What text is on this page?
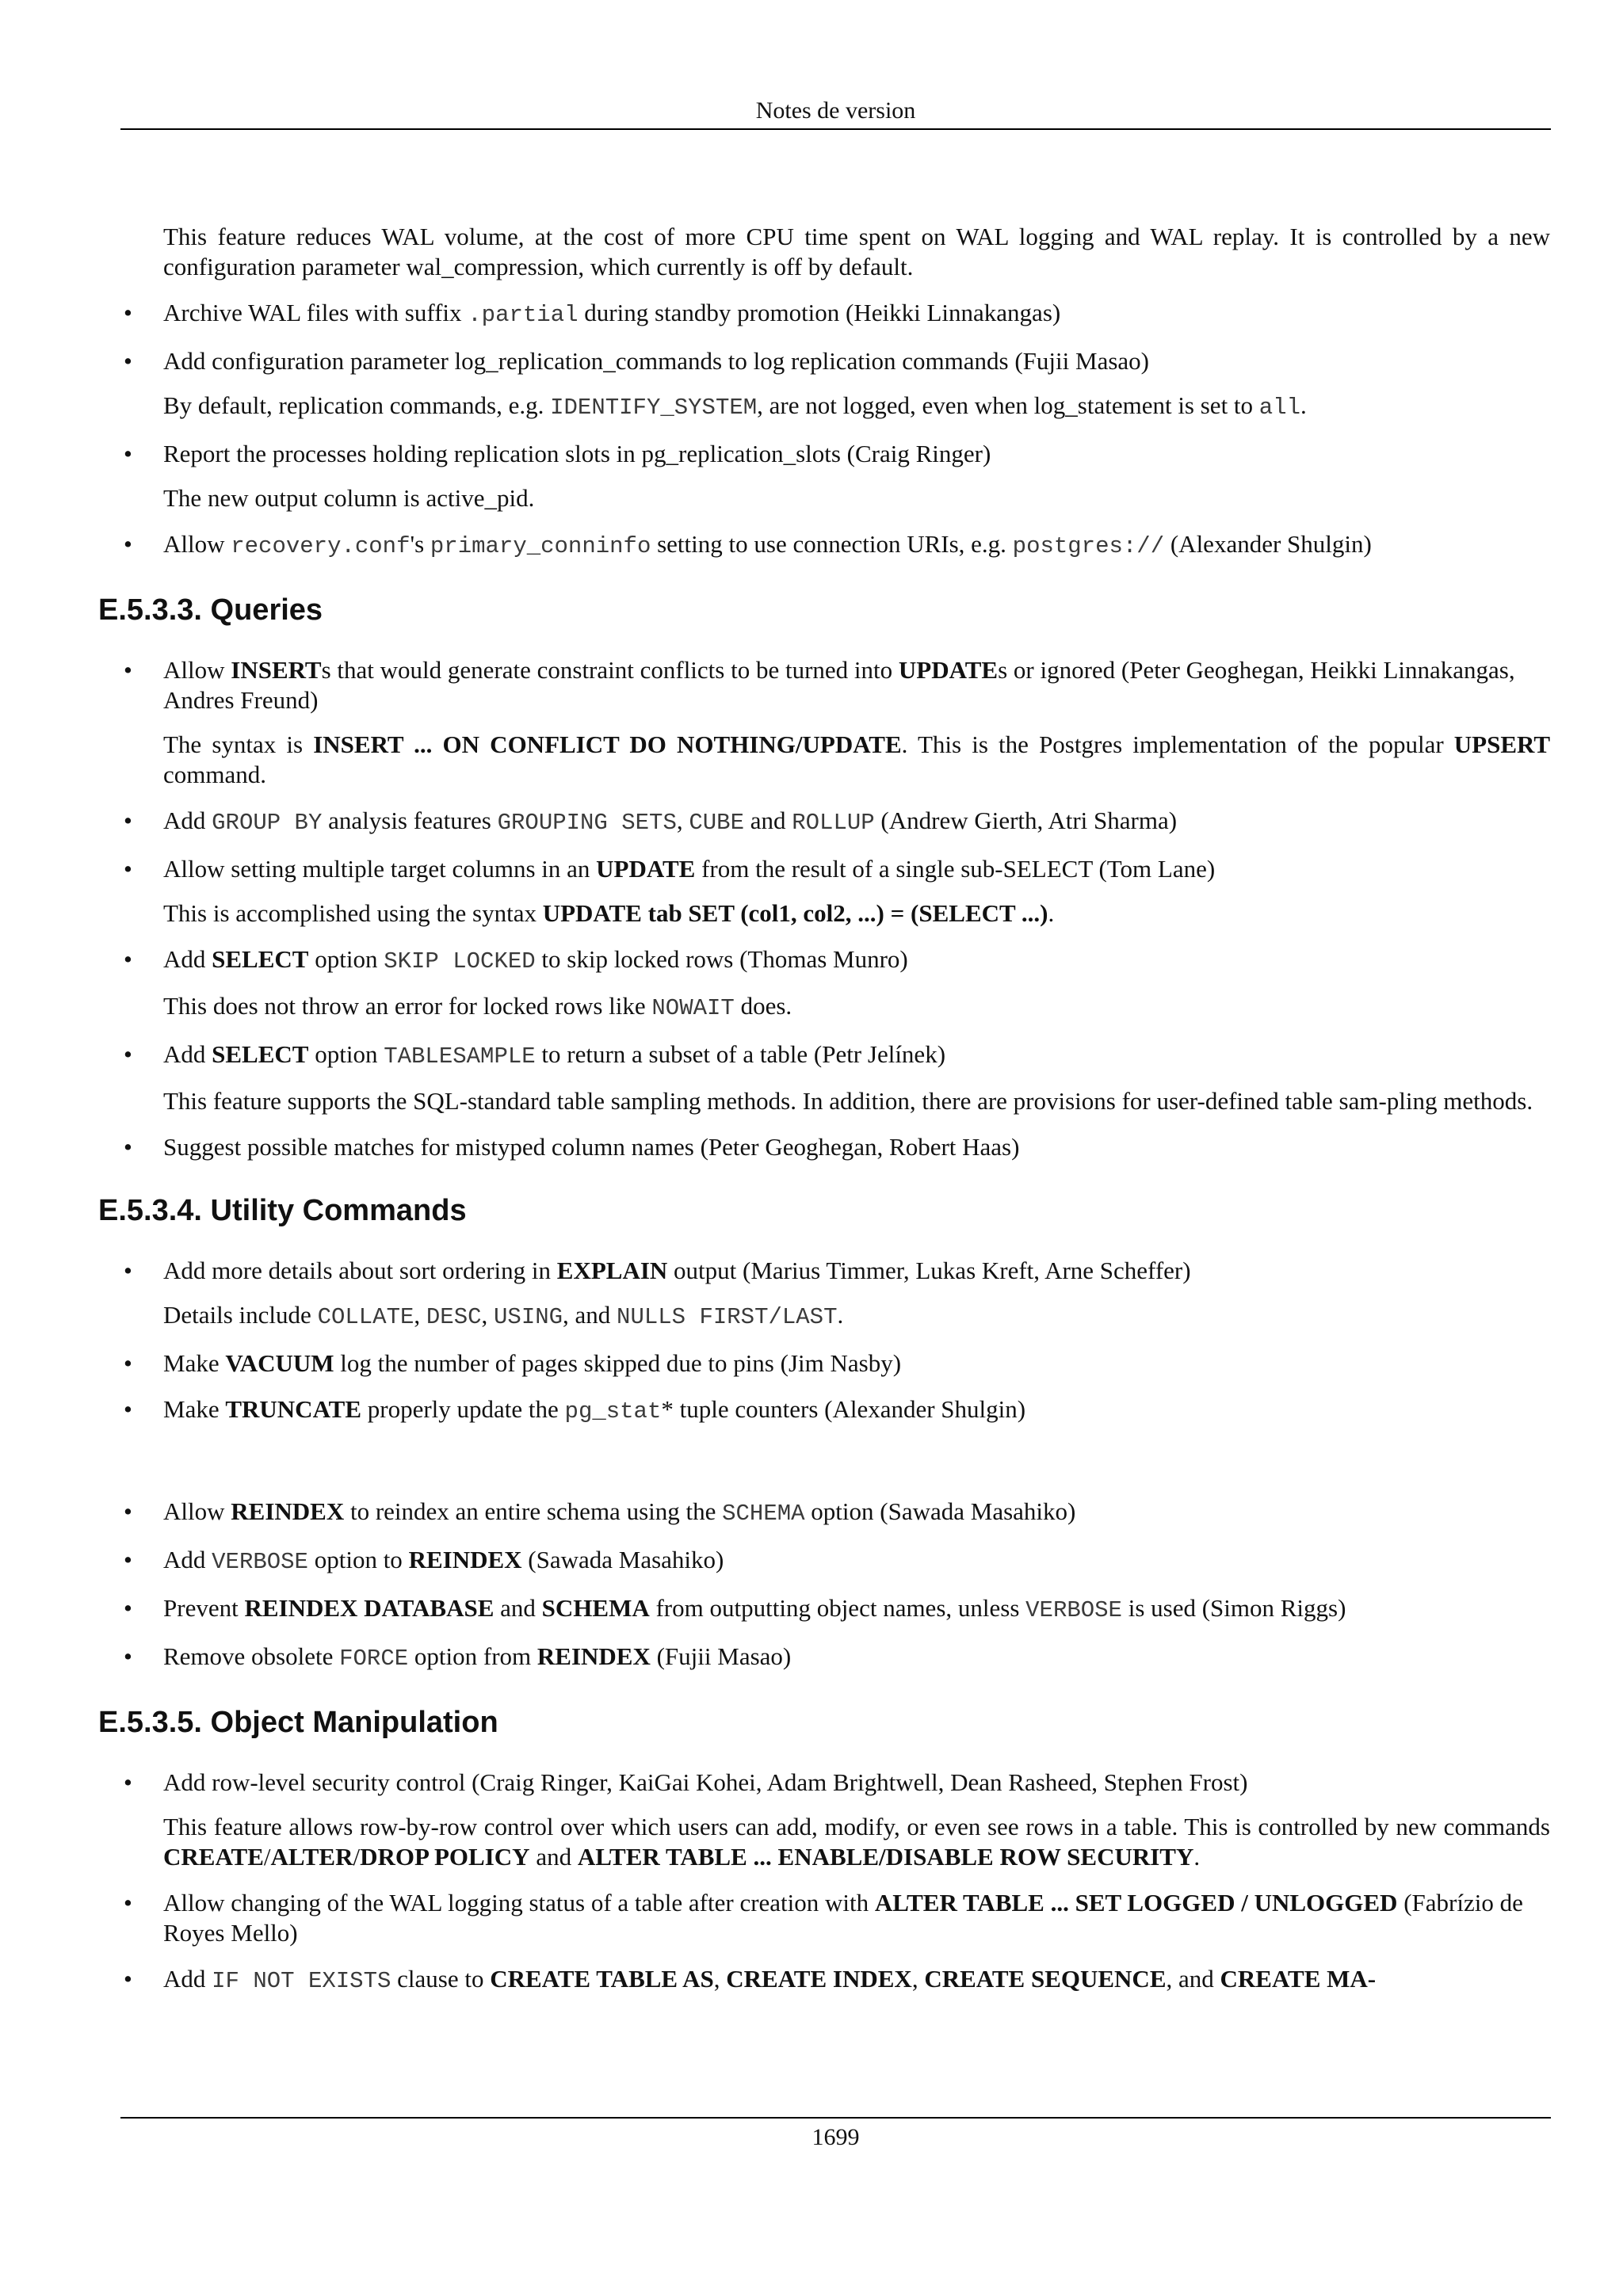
Notes de version
This feature reduces WAL volume, at the cost of more CPU time spent on WAL logging and WAL replay. It is controlled by a new configuration parameter wal_compression, which currently is off by default.
• Archive WAL files with suffix .partial during standby promotion (Heikki Linnakangas)
• Add configuration parameter log_replication_commands to log replication commands (Fujii Masao)
By default, replication commands, e.g. IDENTIFY_SYSTEM, are not logged, even when log_statement is set to all.
• Report the processes holding replication slots in pg_replication_slots (Craig Ringer)
The new output column is active_pid.
• Allow recovery.conf's primary_conninfo setting to use connection URIs, e.g. postgres:// (Alexander Shulgin)
E.5.3.3. Queries
• Allow INSERTs that would generate constraint conflicts to be turned into UPDATEs or ignored (Peter Geoghegan, Heikki Linnakangas, Andres Freund)
The syntax is INSERT ... ON CONFLICT DO NOTHING/UPDATE. This is the Postgres implementation of the popular UPSERT command.
• Add GROUP BY analysis features GROUPING SETS, CUBE and ROLLUP (Andrew Gierth, Atri Sharma)
• Allow setting multiple target columns in an UPDATE from the result of a single sub-SELECT (Tom Lane)
This is accomplished using the syntax UPDATE tab SET (col1, col2, ...) = (SELECT ...).
• Add SELECT option SKIP LOCKED to skip locked rows (Thomas Munro)
This does not throw an error for locked rows like NOWAIT does.
• Add SELECT option TABLESAMPLE to return a subset of a table (Petr Jelínek)
This feature supports the SQL-standard table sampling methods. In addition, there are provisions for user-defined table sam-pling methods.
• Suggest possible matches for mistyped column names (Peter Geoghegan, Robert Haas)
E.5.3.4. Utility Commands
• Add more details about sort ordering in EXPLAIN output (Marius Timmer, Lukas Kreft, Arne Scheffer)
Details include COLLATE, DESC, USING, and NULLS FIRST/LAST.
• Make VACUUM log the number of pages skipped due to pins (Jim Nasby)
• Make TRUNCATE properly update the pg_stat* tuple counters (Alexander Shulgin)
• Allow REINDEX to reindex an entire schema using the SCHEMA option (Sawada Masahiko)
• Add VERBOSE option to REINDEX (Sawada Masahiko)
• Prevent REINDEX DATABASE and SCHEMA from outputting object names, unless VERBOSE is used (Simon Riggs)
• Remove obsolete FORCE option from REINDEX (Fujii Masao)
E.5.3.5. Object Manipulation
• Add row-level security control (Craig Ringer, KaiGai Kohei, Adam Brightwell, Dean Rasheed, Stephen Frost)
This feature allows row-by-row control over which users can add, modify, or even see rows in a table. This is controlled by new commands CREATE/ALTER/DROP POLICY and ALTER TABLE ... ENABLE/DISABLE ROW SECURITY.
• Allow changing of the WAL logging status of a table after creation with ALTER TABLE ... SET LOGGED / UNLOGGED (Fabrízio de Royes Mello)
• Add IF NOT EXISTS clause to CREATE TABLE AS, CREATE INDEX, CREATE SEQUENCE, and CREATE MA-
1699
